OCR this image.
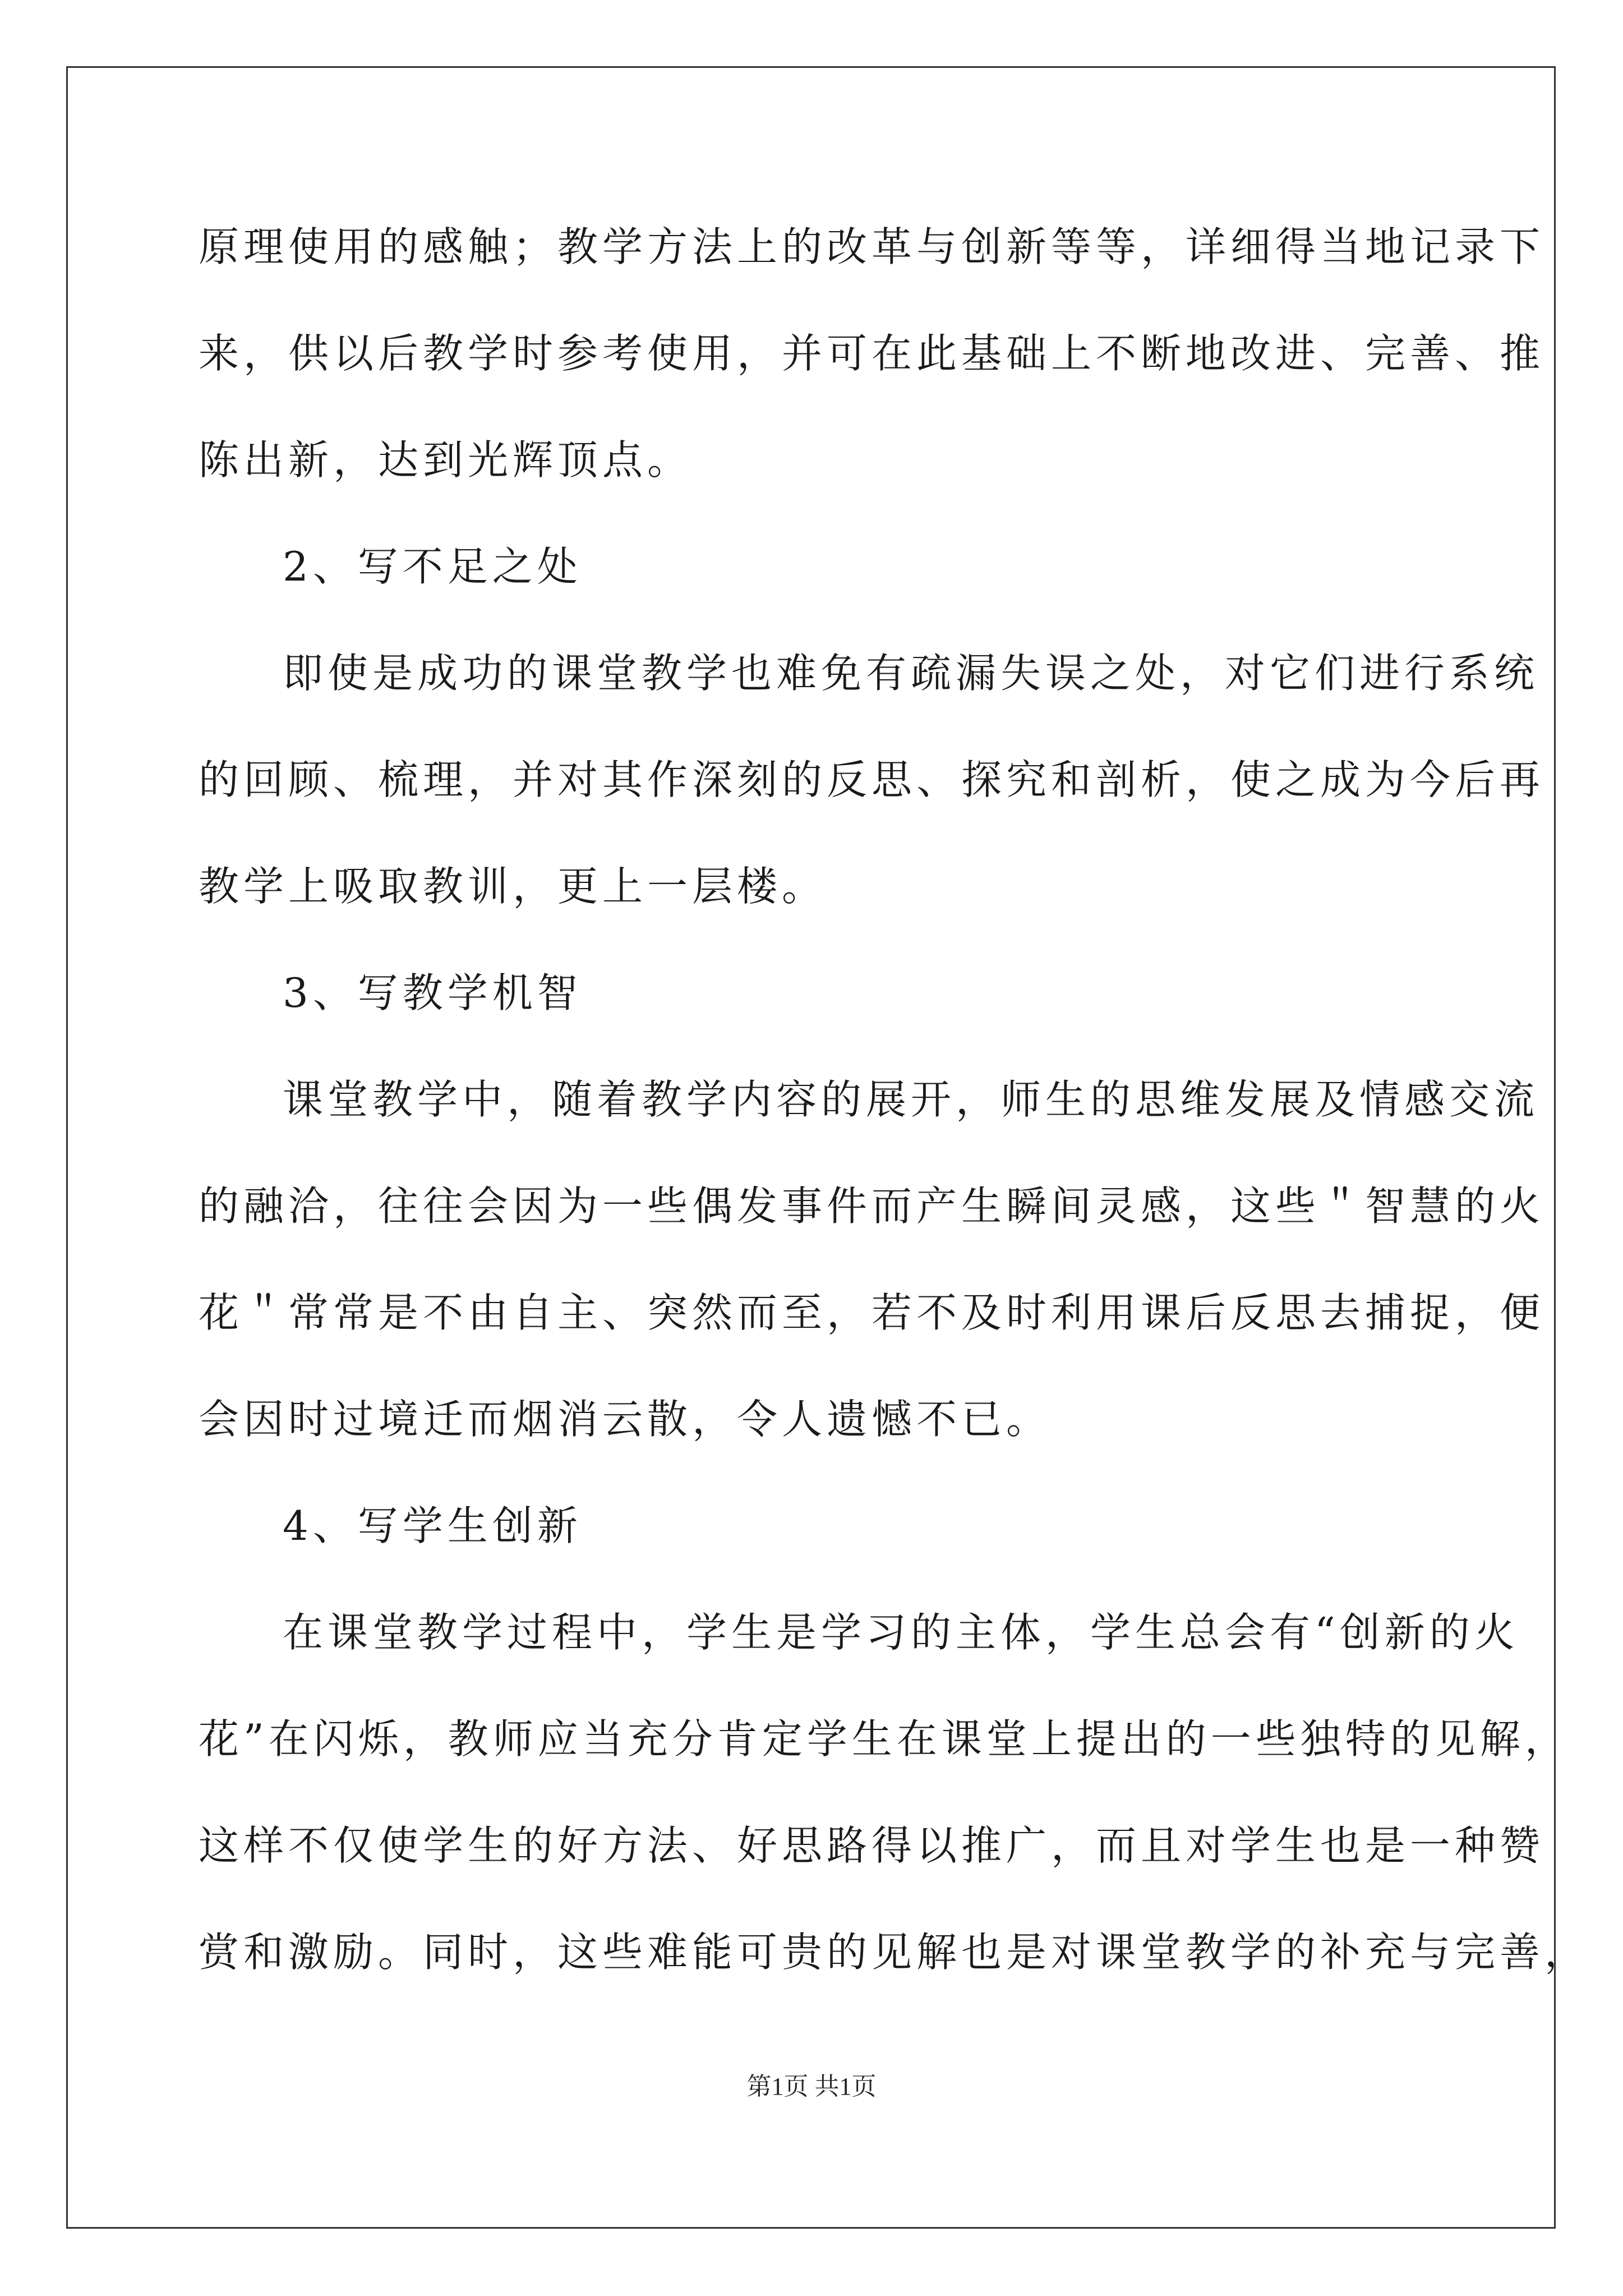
原理使用的感触；教学方法上的改革与创新等等，详细得当地记录下
来，供以后教学时参考使用，并可在此基础上不断地改进、完善、推
陈出新，达到光辉顶点。
2、写不足之处
即使是成功的课堂教学也难免有疏漏失误之处，对它们进行系统
的回顾、梳理，并对其作深刻的反思、探究和剖析，使之成为今后再
教学上吸取教训，更上一层楼。
3、写教学机智
课堂教学中，随着教学内容的展开，师生的思维发展及情感交流
的融洽，往往会因为一些偶发事件而产生瞬间灵感，这些＂智慧的火
花＂常常是不由自主、突然而至，若不及时利用课后反思去捕捉，便
会因时过境迁而烟消云散，令人遗憾不已。
4、写学生创新
在课堂教学过程中，学生是学习的主体，学生总会有“创新的火
花”在闪烁，教师应当充分肯定学生在课堂上提出的一些独特的见解，
这样不仅使学生的好方法、好思路得以推广，而且对学生也是一种赞
赏和激励。同时，这些难能可贵的见解也是对课堂教学的补充与完善，
第1页 共1页
